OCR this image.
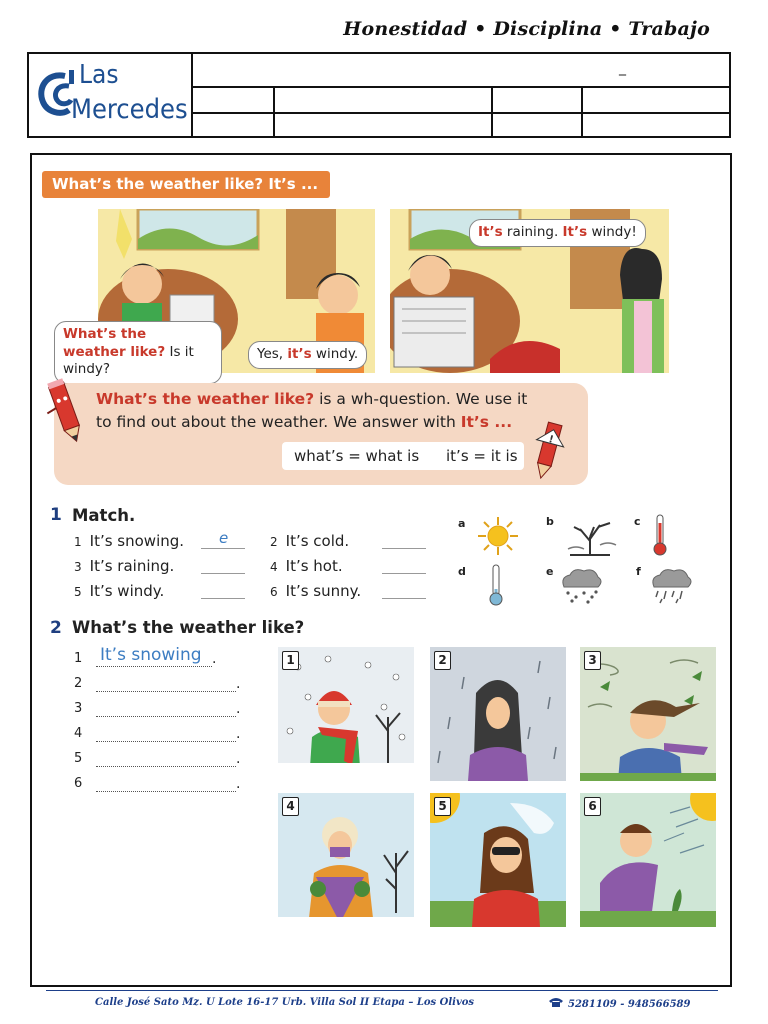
Honestidad • Disciplina • Trabajo
Las
Mercedes
_
What’s the weather like? It’s ...
What’s the weather like? Is it windy?
Yes, it’s windy.
It’s raining. It’s windy!
What’s the weather like? is a wh-question. We use it to find out about the weather. We answer with It’s ...
what’s = what is it’s = it is
!
1 Match.
1 It’s snowing. e	2 It’s cold.
3 It’s raining.	4 It’s hot.
5 It’s windy.	6 It’s sunny.
a	b	c
d	e	f
2 What’s the weather like?
1 It’s snowing .
2	.
3	.
4	.
5	.
6	.
1	2	3
4	5	6
Calle José Sato Mz. U Lote 16-17 Urb. Villa Sol II Etapa – Los Olivos	5281109 - 948566589
